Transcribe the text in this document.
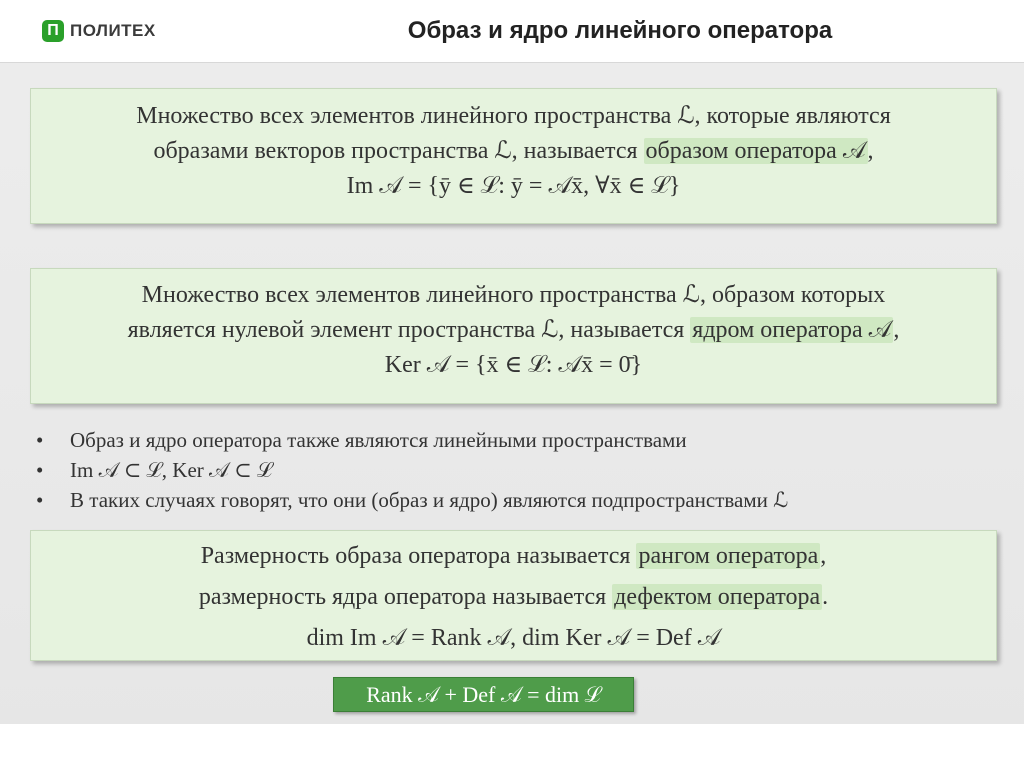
П ПОЛИТЕХ	Образ и ядро линейного оператора
Множество всех элементов линейного пространства ℒ, которые являются
образами векторов пространства ℒ, называется образом оператора 𝒜,
Im 𝒜 = {ȳ ∈ ℒ: ȳ = 𝒜x̄, ∀x̄ ∈ ℒ}
Множество всех элементов линейного пространства ℒ, образом которых
является нулевой элемент пространства ℒ, называется ядром оператора 𝒜,
Ker 𝒜 = {x̄ ∈ ℒ: 𝒜x̄ = 0̄}
•	Образ и ядро оператора также являются линейными пространствами
•	Im 𝒜 ⊂ ℒ, Ker 𝒜 ⊂ ℒ
•	В таких случаях говорят, что они (образ и ядро) являются подпространствами ℒ
Размерность образа оператора называется рангом оператора,
размерность ядра оператора называется дефектом оператора.
dim Im 𝒜 = Rank 𝒜, dim Ker 𝒜 = Def 𝒜
Rank 𝒜 + Def 𝒜 = dim ℒ
